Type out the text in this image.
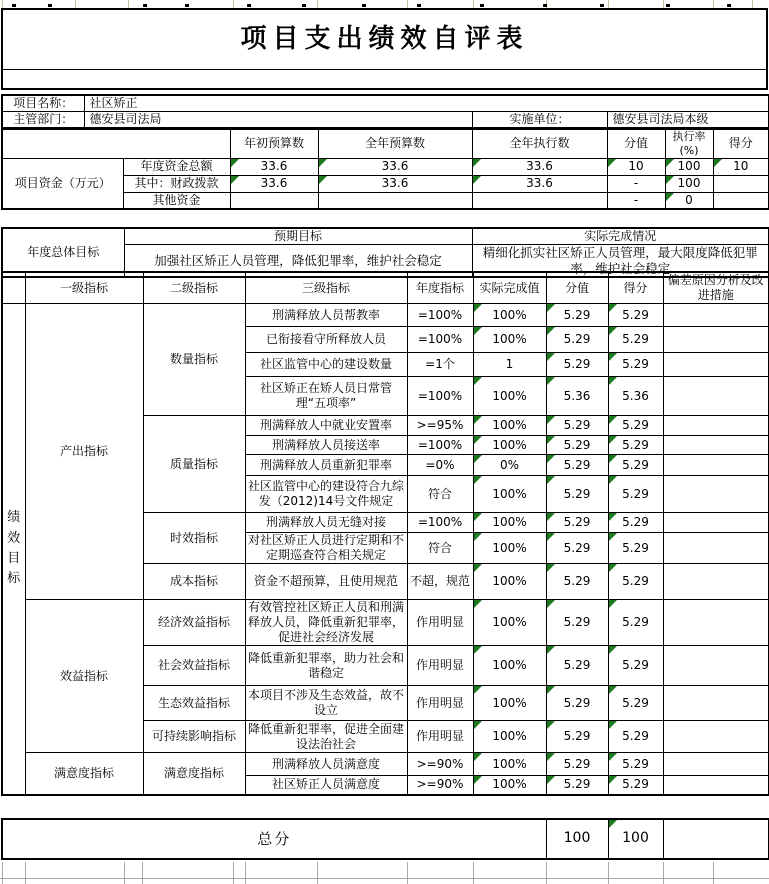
项目支出绩效自评表

项目名称：	社区矫正		
主管部门：	德安县司法局	实施单位：	德安县司法局本级
		年初预算数	全年预算数	全年执行数	分值	执行率(%)	得分
项目资金（万元）	年度资金总额	33.6	33.6	33.6	10	100	10
	其中：财政拨款	33.6	33.6	33.6	-	100	
	其他资金				-	0	
年度总体目标	预期目标	实际完成情况
	加强社区矫正人员管理，降低犯罪率，维护社会稳定	精细化抓实社区矫正人员管理，最大限度降低犯罪率，维护社会稳定
	一级指标	二级指标	三级指标	年度指标	实际完成值	分值	得分	偏差原因分析及改进措施
绩效目标	产出指标	数量指标	刑满释放人员帮教率	=100%	100%	5.29	5.29	
			已衔接看守所释放人员	=100%	100%	5.29	5.29	
			社区监管中心的建设数量	=1个	1	5.29	5.29	
			社区矫正在矫人员日常管理“五项率”	=100%	100%	5.36	5.36	
		质量指标	刑满释放人中就业安置率	>=95%	100%	5.29	5.29	
			刑满释放人员接送率	=100%	100%	5.29	5.29	
			刑满释放人员重新犯罪率	=0%	0%	5.29	5.29	
			社区监管中心的建设符合九综发（2012)14号文件规定	符合	100%	5.29	5.29	
		时效指标	刑满释放人员无缝对接	=100%	100%	5.29	5.29	
			对社区矫正人员进行定期和不定期巡查符合相关规定	符合	100%	5.29	5.29	
		成本指标	资金不超预算，且使用规范	不超，规范	100%	5.29	5.29	
	效益指标	经济效益指标	有效管控社区矫正人员和刑满释放人员，降低重新犯罪率，促进社会经济发展	作用明显	100%	5.29	5.29	
		社会效益指标	降低重新犯罪率，助力社会和谐稳定	作用明显	100%	5.29	5.29	
		生态效益指标	本项目不涉及生态效益，故不设立	作用明显	100%	5.29	5.29	
		可持续影响指标	降低重新犯罪率，促进全面建设法治社会	作用明显	100%	5.29	5.29	
	满意度指标	满意度指标	刑满释放人员满意度	>=90%	100%	5.29	5.29	
			社区矫正人员满意度	>=90%	100%	5.29	5.29	
总分	100	100	
